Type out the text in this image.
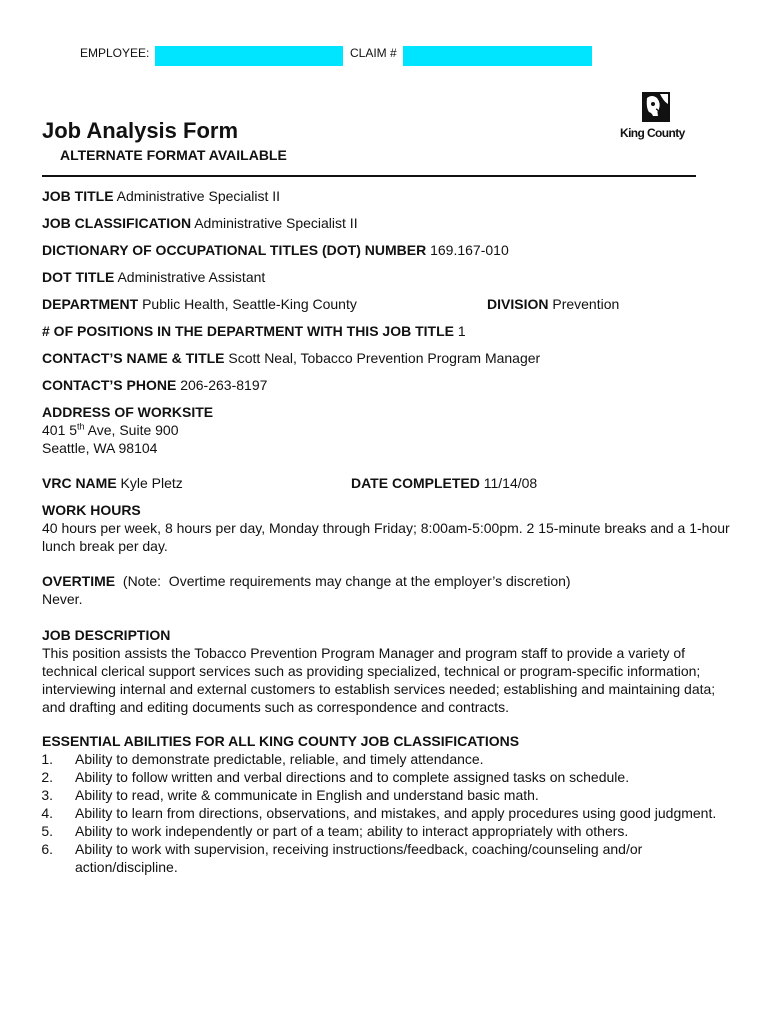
EMPLOYEE:	CLAIM #
King County
Job Analysis Form
ALTERNATE FORMAT AVAILABLE
JOB TITLE Administrative Specialist II
JOB CLASSIFICATION Administrative Specialist II
DICTIONARY OF OCCUPATIONAL TITLES (DOT) NUMBER 169.167-010
DOT TITLE Administrative Assistant
DEPARTMENT Public Health, Seattle-King County	DIVISION Prevention
# OF POSITIONS IN THE DEPARTMENT WITH THIS JOB TITLE 1
CONTACT’S NAME & TITLE Scott Neal, Tobacco Prevention Program Manager
CONTACT’S PHONE 206-263-8197
ADDRESS OF WORKSITE
401 5th Ave, Suite 900
Seattle, WA 98104
VRC NAME Kyle Pletz	DATE COMPLETED 11/14/08
WORK HOURS
40 hours per week, 8 hours per day, Monday through Friday; 8:00am-5:00pm. 2 15-minute breaks and a 1-hour lunch break per day.
OVERTIME  (Note:  Overtime requirements may change at the employer’s discretion)
Never.
JOB DESCRIPTION
This position assists the Tobacco Prevention Program Manager and program staff to provide a variety of technical clerical support services such as providing specialized, technical or program-specific information; interviewing internal and external customers to establish services needed; establishing and maintaining data; and drafting and editing documents such as correspondence and contracts.
ESSENTIAL ABILITIES FOR ALL KING COUNTY JOB CLASSIFICATIONS
1. Ability to demonstrate predictable, reliable, and timely attendance.
2. Ability to follow written and verbal directions and to complete assigned tasks on schedule.
3. Ability to read, write & communicate in English and understand basic math.
4. Ability to learn from directions, observations, and mistakes, and apply procedures using good judgment.
5. Ability to work independently or part of a team; ability to interact appropriately with others.
6. Ability to work with supervision, receiving instructions/feedback, coaching/counseling and/or action/discipline.
